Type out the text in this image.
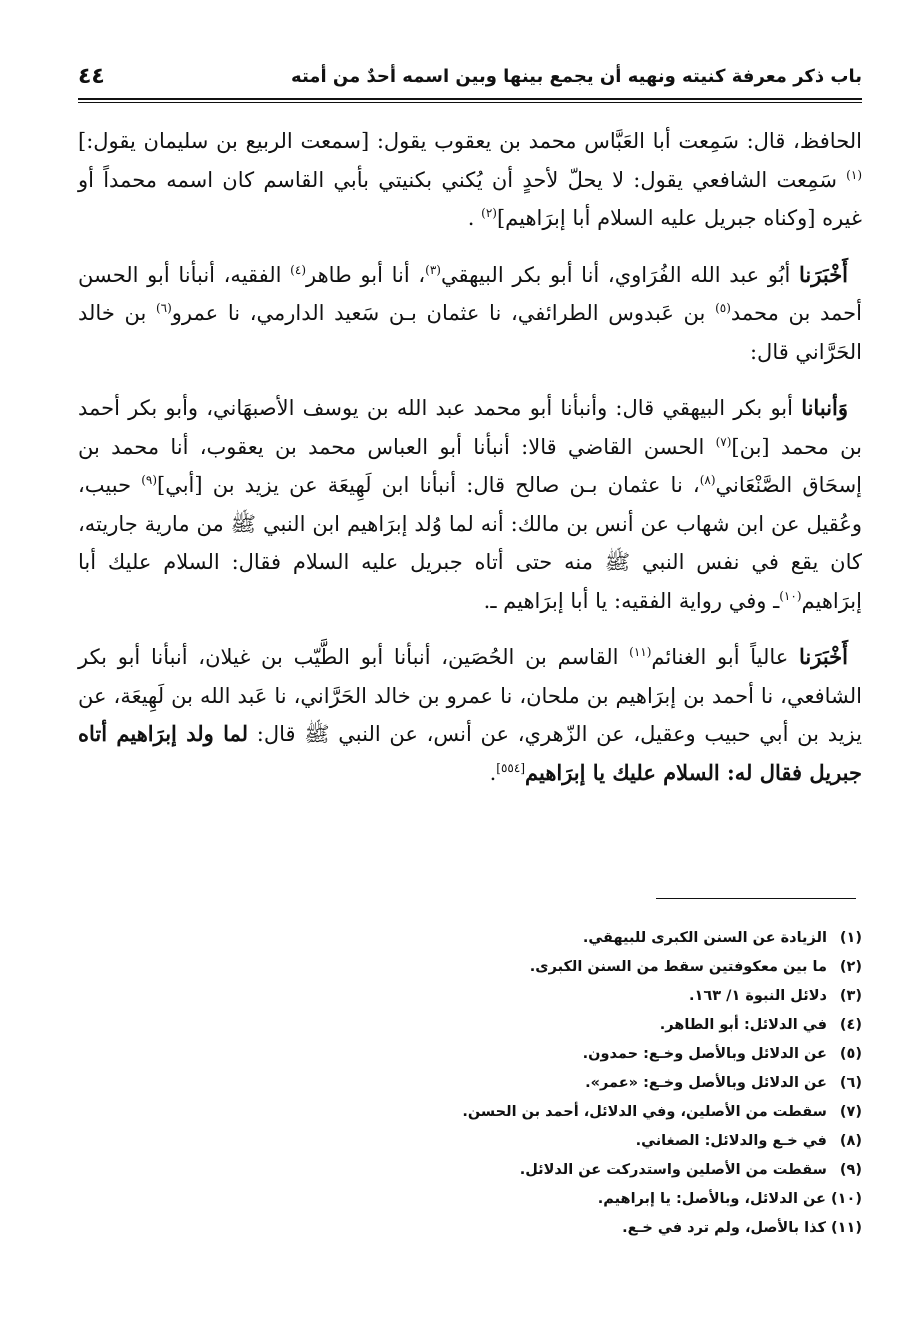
٤٤	باب ذكر معرفة كنيته ونهيه أن يجمع بينها وبين اسمه أحدٌ من أمته

الحافظ، قال: سَمِعت أبا العَبَّاس محمد بن يعقوب يقول: [سمعت الربيع بن سليمان يقول:]$^{(١)}$ سَمِعت الشافعي يقول: لا يحلّ لأحدٍ أن يُكني بكنيتي بأبي القاسم كان اسمه محمداً أو غيره [وكناه جبريل عليه السلام أبا إبرَاهيم]$^{(٢)}$ .

أَخْبَرَنا أبُو عبد الله الفُرَاوي، أنا أبو بكر البيهقي$^{(٣)}$، أنا أبو طاهر$^{(٤)}$ الفقيه، أنبأنا أبو الحسن أحمد بن محمد$^{(٥)}$ بن عَبدوس الطرائفي، نا عثمان بـن سَعيد الدارمي، نا عمرو$^{(٦)}$ بن خالد الحَرَّاني قال:

وَأنبانا أبو بكر البيهقي قال: وأنبأنا أبو محمد عبد الله بن يوسف الأصبهَاني، وأبو بكر أحمد بن محمد [بن]$^{(٧)}$ الحسن القاضي قالا: أنبأنا أبو العباس محمد بن يعقوب، أنا محمد بن إسحَاق الصَّنْعَاني$^{(٨)}$، نا عثمان بـن صالح قال: أنبأنا ابن لَهِيعَة عن يزيد بن [أبي]$^{(٩)}$ حبيب، وعُقيل عن ابن شهاب عن أنس بن مالك: أنه لما وُلد إبرَاهيم ابن النبي ﷺ من مارية جاريته، كان يقع في نفس النبي ﷺ منه حتى أتاه جبريل عليه السلام فقال: السلام عليك أبا إبرَاهيم$^{(١٠)}$ـ وفي رواية الفقيه: يا أبا إبرَاهيم ـ.

أَخْبَرَنا عالياً أبو الغنائم$^{(١١)}$ القاسم بن الحُصَين، أنبأنا أبو الطَّيّب بن غيلان، أنبأنا أبو بكر الشافعي، نا أحمد بن إبرَاهيم بن ملحان، نا عمرو بن خالد الحَرَّاني، نا عَبد الله بن لَهِيعَة، عن يزيد بن أبي حبيب وعقيل، عن الزّهري، عن أنس، عن النبي ﷺ قال: لما ولد إبرَاهيم أتاه جبريل فقال له: السلام عليك يا إبرَاهيم[٥٥٤].

(١) الزيادة عن السنن الكبرى للبيهقي.
(٢) ما بين معكوفتين سقط من السنن الكبرى.
(٣) دلائل النبوة ١/ ١٦٣.
(٤) في الدلائل: أبو الطاهر.
(٥) عن الدلائل وبالأصل وخـع: حمدون.
(٦) عن الدلائل وبالأصل وخـع: «عمر».
(٧) سقطت من الأصلين، وفي الدلائل، أحمد بن الحسن.
(٨) في خـع والدلائل: الصغاني.
(٩) سقطت من الأصلين واستدركت عن الدلائل.
(١٠) عن الدلائل، وبالأصل: يا إبراهيم.
(١١) كذا بالأصل، ولم ترد في خـع.
